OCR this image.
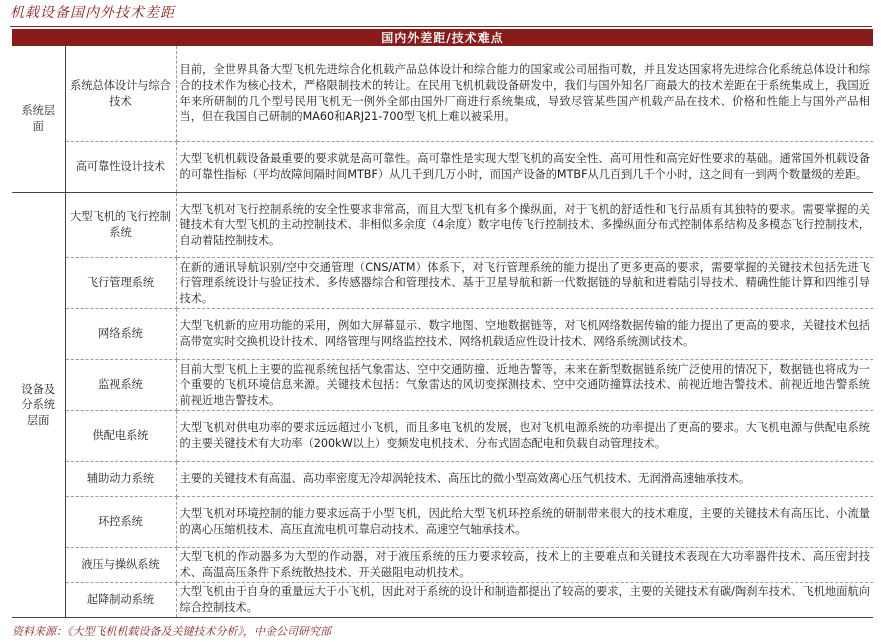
机载设备国内外技术差距
国内外差距/技术难点		
系统层面	系统总体设计与综合技术	目前，全世界具备大型飞机先进综合化机载产品总体设计和综合能力的国家或公司屈指可数，并且发达国家将先进综合化系统总体设计和综合的技术作为核心技术，严格限制技术的转让。在民用飞机机载设备研发中，我们与国外知名厂商最大的技术差距在于系统集成上，我国近年来所研制的几个型号民用飞机无一例外全部由国外厂商进行系统集成，导致尽管某些国产机载产品在技术、价格和性能上与国外产品相当，但在我国自己研制的MA60和ARJ21-700型飞机上难以被采用。
	高可靠性设计技术	大型飞机机载设备最重要的要求就是高可靠性。高可靠性是实现大型飞机的高安全性、高可用性和高完好性要求的基础。通常国外机载设备的可靠性指标（平均故障间隔时间MTBF）从几千到几万小时，而国产设备的MTBF从几百到几千个小时，这之间有一到两个数量级的差距。
设备及分系统层面	大型飞机的飞行控制系统	大型飞机对飞行控制系统的安全性要求非常高，而且大型飞机有多个操纵面，对于飞机的舒适性和飞行品质有其独特的要求。需要掌握的关键技术有大型飞机的主动控制技术、非相似多余度（4余度）数字电传飞行控制技术、多操纵面分布式控制体系结构及多模态飞行控制技术，自动着陆控制技术。
	飞行管理系统	在新的通讯导航识别/空中交通管理（CNS/ATM）体系下，对飞行管理系统的能力提出了更多更高的要求，需要掌握的关键技术包括先进飞行管理系统设计与验证技术、多传感器综合和管理技术、基于卫星导航和新一代数据链的导航和进着陆引导技术、精确性能计算和四维引导技术。
	网络系统	大型飞机新的应用功能的采用，例如大屏幕显示、数字地图、空地数据链等，对飞机网络数据传输的能力提出了更高的要求，关键技术包括高带宽实时交换机设计技术、网络管理与网络监控技术、网络机载适应性设计技术、网络系统测试技术。
	监视系统	目前大型飞机上主要的监视系统包括气象雷达、空中交通防撞、近地告警等，未来在新型数据链系统广泛使用的情况下，数据链也将成为一个重要的飞机环境信息来源。关键技术包括：气象雷达的风切变探测技术、空中交通防撞算法技术、前视近地告警技术、前视近地告警系统前视近地告警技术。
	供配电系统	大型飞机对供电功率的要求远远超过小飞机，而且多电飞机的发展，也对飞机电源系统的功率提出了更高的要求。大飞机电源与供配电系统的主要关键技术有大功率（200kW以上）变频发电机技术、分布式固态配电和负载自动管理技术。
	辅助动力系统	主要的关键技术有高温、高功率密度无冷却涡轮技术、高压比的微小型高效离心压气机技术、无润滑高速轴承技术。
	环控系统	大型飞机对环境控制的能力要求远高于小型飞机，因此给大型飞机环控系统的研制带来很大的技术难度，主要的关键技术有高压比、小流量的离心压缩机技术、高压直流电机可靠启动技术、高速空气轴承技术。
	液压与操纵系统	大型飞机的作动器多为大型的作动器，对于液压系统的压力要求较高，技术上的主要难点和关键技术表现在大功率器件技术、高压密封技术、高温高压条件下系统散热技术、开关磁阻电动机技术。
	起降制动系统	大型飞机由于自身的重量远大于小飞机，因此对于系统的设计和制造都提出了较高的要求，主要的关键技术有碳/陶刹车技术、飞机地面航向综合控制技术。
资料来源：《大型飞机机载设备及关键技术分析》，中金公司研究部
